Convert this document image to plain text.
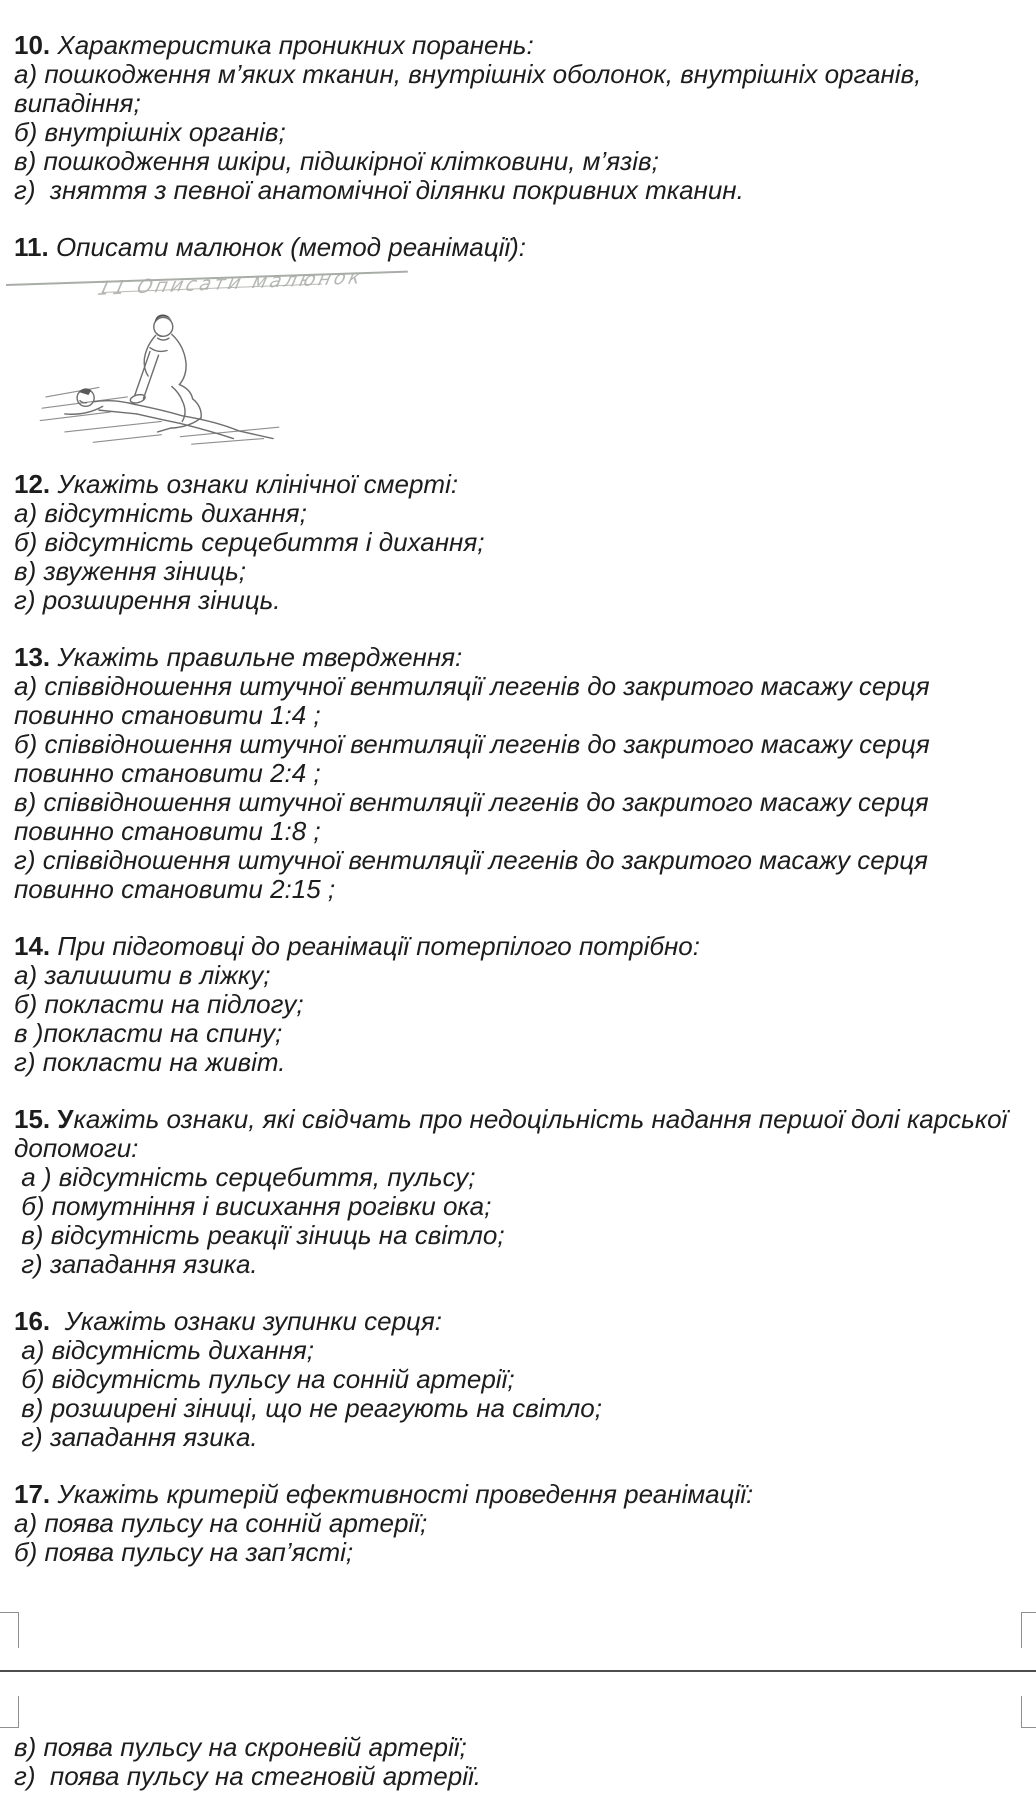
10. Характеристика проникних поранень:
а) пошкодження м’яких тканин, внутрішніх оболонок, внутрішніх органів, випадіння;
б) внутрішніх органів;
в) пошкодження шкіри, підшкірної клітковини, м’язів;
г)  зняття з певної анатомічної ділянки покривних тканин.
11. Описати малюнок (метод реанімації):
11 Описати малюнок
12. Укажіть ознаки клінічної смерті:
а) відсутність дихання;
б) відсутність серцебиття і дихання;
в) звуження зіниць;
г) розширення зіниць.
13. Укажіть правильне твердження:
а) співвідношення штучної вентиляції легенів до закритого масажу серця повинно становити 1:4 ;
б) співвідношення штучної вентиляції легенів до закритого масажу серця повинно становити 2:4 ;
в) співвідношення штучної вентиляції легенів до закритого масажу серця повинно становити 1:8 ;
г) співвідношення штучної вентиляції легенів до закритого масажу серця повинно становити 2:15 ;
14. При підготовці до реанімації потерпілого потрібно:
а) залишити в ліжку;
б) покласти на підлогу;
в )покласти на спину;
г) покласти на живіт.
15. Укажіть ознаки, які свідчать про недоцільність надання першої долі карської допомоги:
а ) відсутність серцебиття, пульсу;
б) помутніння і висихання рогівки ока;
в) відсутність реакції зіниць на світло;
г) западання язика.
16.  Укажіть ознаки зупинки серця:
а) відсутність дихання;
б) відсутність пульсу на сонній артерії;
в) розширені зіниці, що не реагують на світло;
г) западання язика.
17. Укажіть критерій ефективності проведення реанімації:
а) поява пульсу на сонній артерії;
б) поява пульсу на зап’ясті;
в) поява пульсу на скроневій артерії;
г)  поява пульсу на стегновій артерії.
